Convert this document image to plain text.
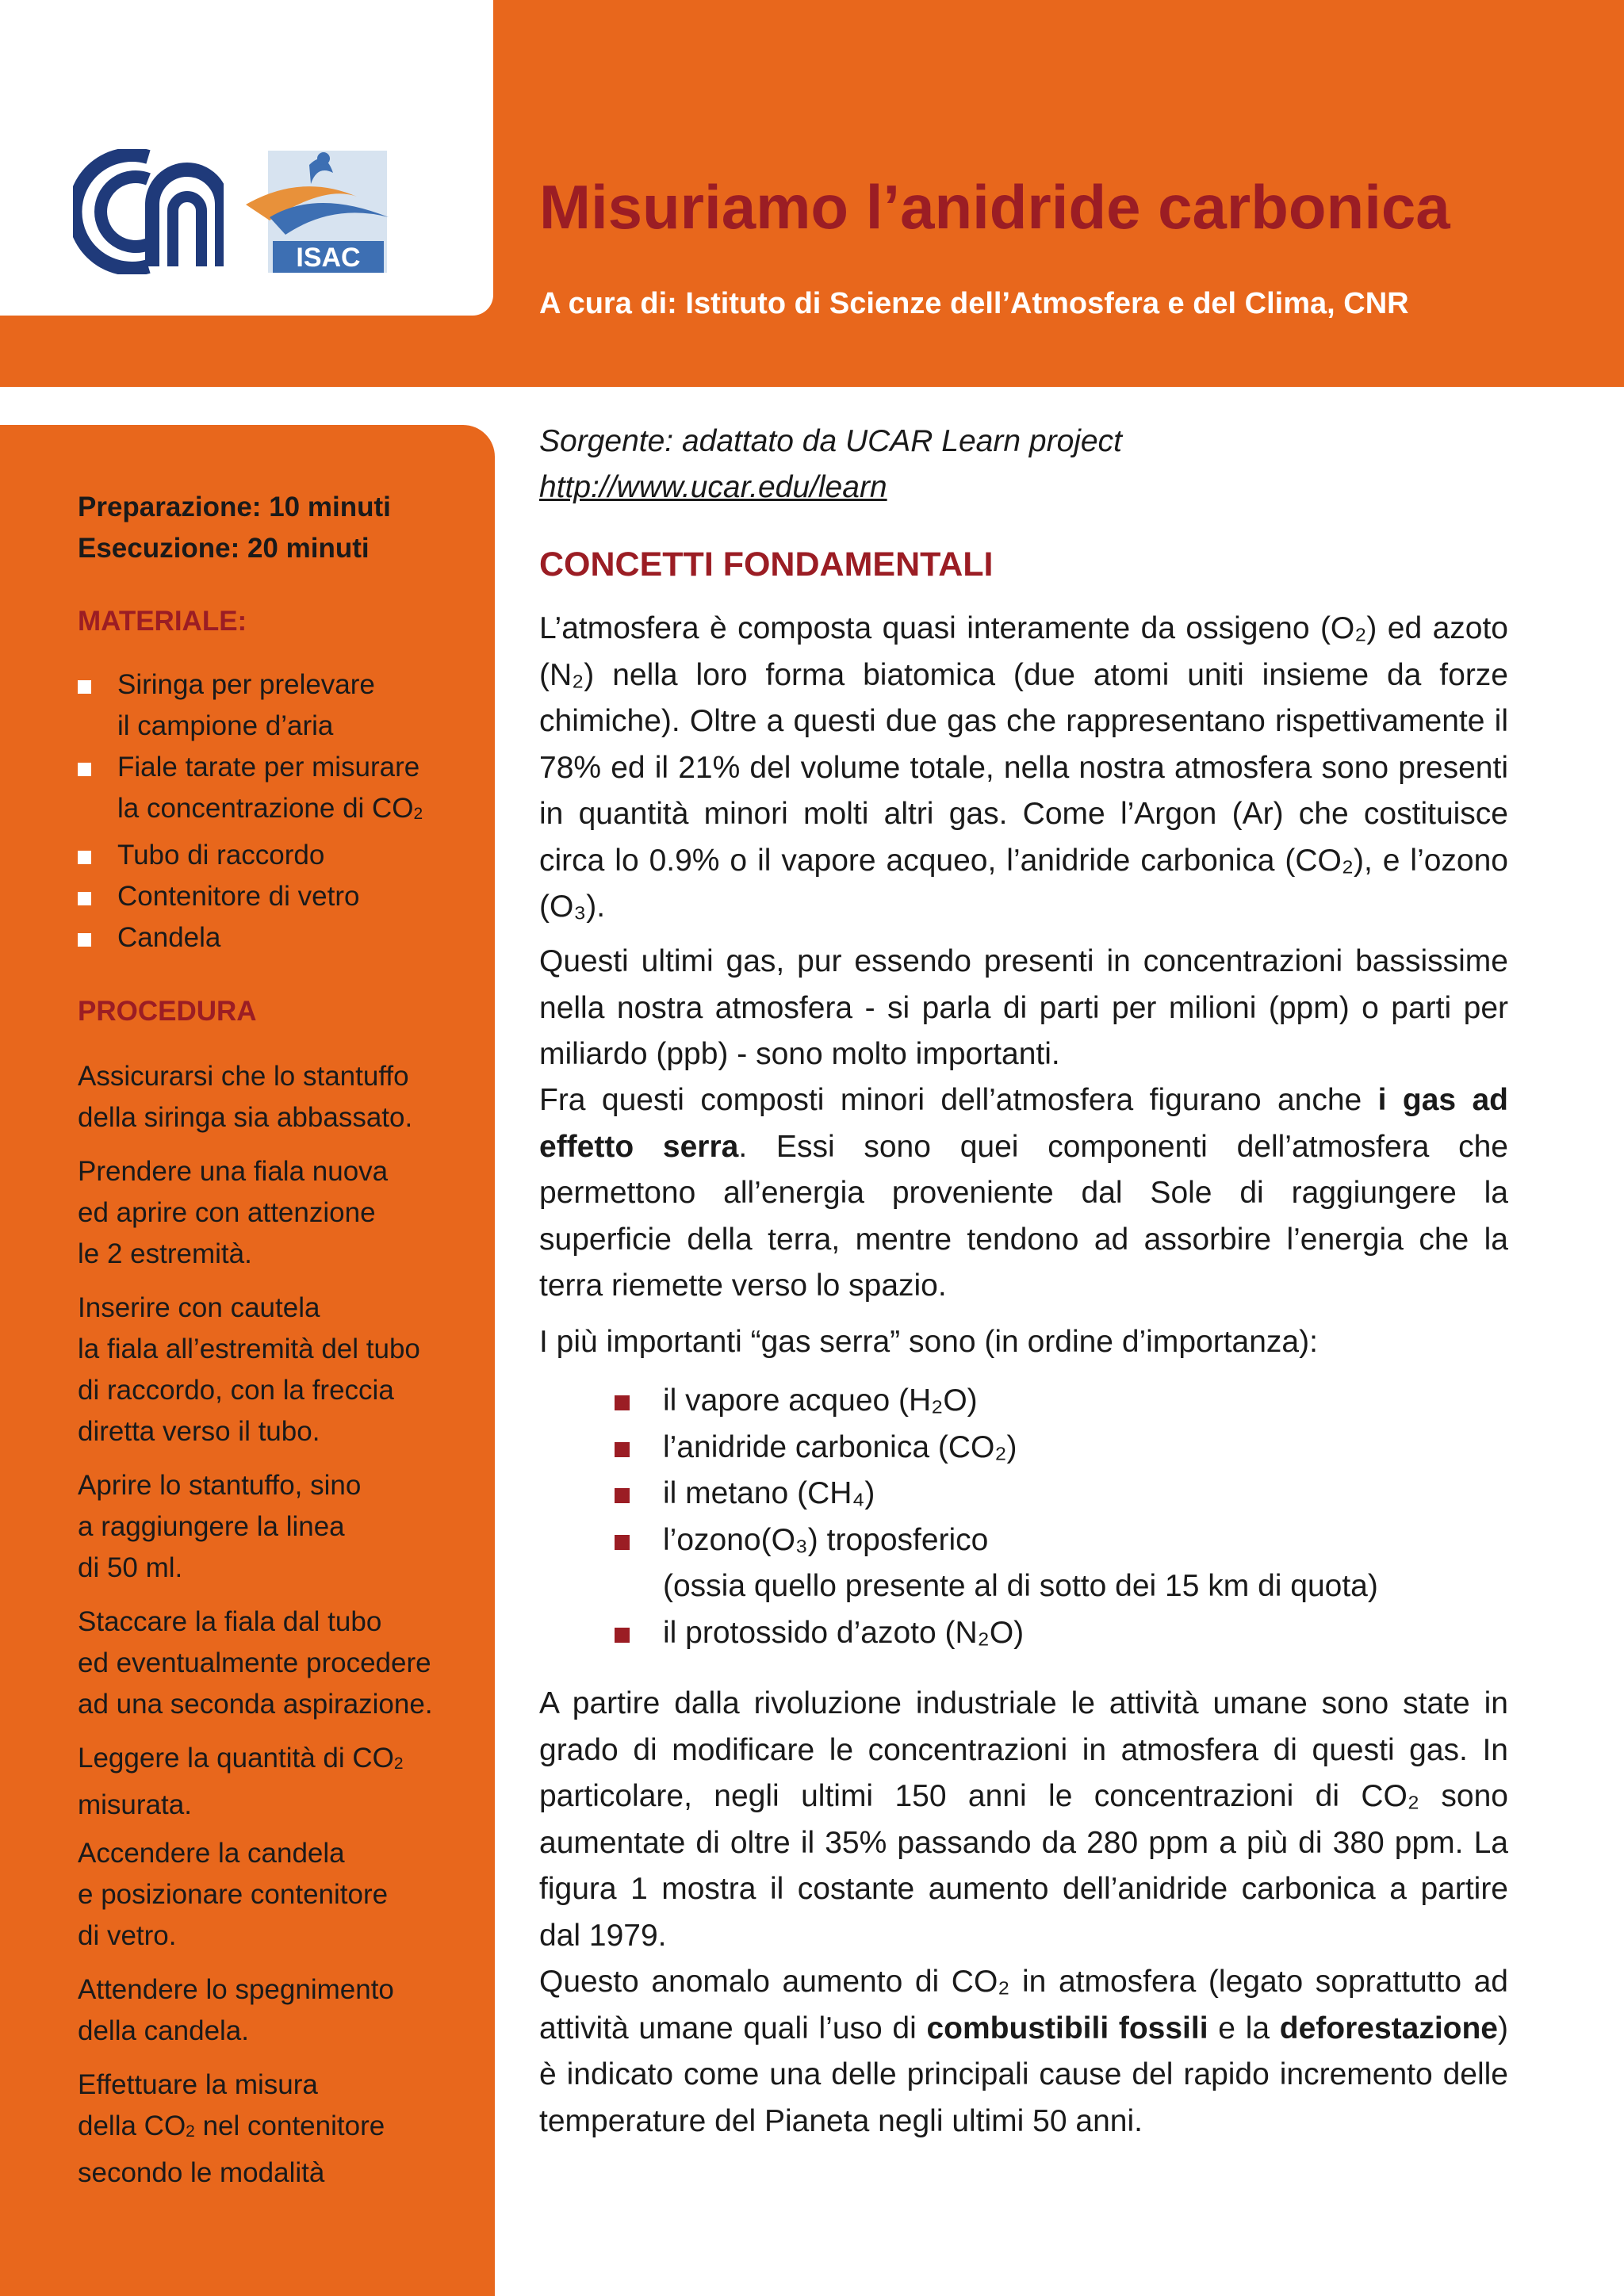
ISAC
Misuriamo l’anidride carbonica
A cura di: Istituto di Scienze dell’Atmosfera e del Clima, CNR
Preparazione: 10 minuti
Esecuzione: 20 minuti
MATERIALE:
Siringa per prelevare
il campione d’aria
Fiale tarate per misurare
la concentrazione di $CO_2$
Tubo di raccordo
Contenitore di vetro
Candela
PROCEDURA
Assicurarsi che lo stantuffo
della siringa sia abbassato.
Prendere una fiala nuova
ed aprire con attenzione
le 2 estremità.
Inserire con cautela
la fiala all’estremità del tubo
di raccordo, con la freccia
diretta verso il tubo.
Aprire lo stantuffo, sino
a raggiungere la linea
di 50 ml.
Staccare la fiala dal tubo
ed eventualmente procedere
ad una seconda aspirazione.
Leggere la quantità di $CO_2$
misurata.
Accendere la candela
e posizionare contenitore
di vetro.
Attendere lo spegnimento
della candela.
Effettuare la misura
della $CO_2$ nel contenitore
secondo le modalità
Sorgente: adattato da UCAR Learn project
http://www.ucar.edu/learn
CONCETTI FONDAMENTALI

L’atmosfera è composta quasi interamente da ossigeno (O₂) ed azoto (N₂) nella loro forma biatomica (due atomi uniti insieme da forze chimiche). Oltre a questi due gas che rappresentano rispettivamente il 78% ed il 21% del volume totale, nella nostra atmosfera sono presenti in quantità minori molti altri gas. Come l’Argon (Ar) che costituisce circa lo 0.9% o il vapore acqueo, l’anidride carbonica (CO₂), e l’ozono (O₃).

Questi ultimi gas, pur essendo presenti in concentrazioni bassissime nella nostra atmosfera - si parla di parti per milioni (ppm) o parti per miliardo (ppb) - sono molto importanti.

Fra questi composti minori dell’atmosfera figurano anche i gas ad effetto serra. Essi sono quei componenti dell’atmosfera che permettono all’energia proveniente dal Sole di raggiungere la superficie della terra, mentre tendono ad assorbire l’energia che la terra riemette verso lo spazio.

I più importanti “gas serra” sono (in ordine d’importanza):

il vapore acqueo (H₂O)
l’anidride carbonica (CO₂)
il metano (CH₄)
l’ozono(O₃) troposferico
(ossia quello presente al di sotto dei 15 km di quota)
il protossido d’azoto (N₂O)

A partire dalla rivoluzione industriale le attività umane sono state in grado di modificare le concentrazioni in atmosfera di questi gas. In particolare, negli ultimi 150 anni le concentrazioni di CO₂ sono aumentate di oltre il 35% passando da 280 ppm a più di 380 ppm. La figura 1 mostra il costante aumento dell’anidride carbonica a partire dal 1979.

Questo anomalo aumento di CO₂ in atmosfera (legato soprattutto ad attività umane quali l’uso di combustibili fossili e la deforestazione) è indicato come una delle principali cause del rapido incremento delle temperature del Pianeta negli ultimi 50 anni.
